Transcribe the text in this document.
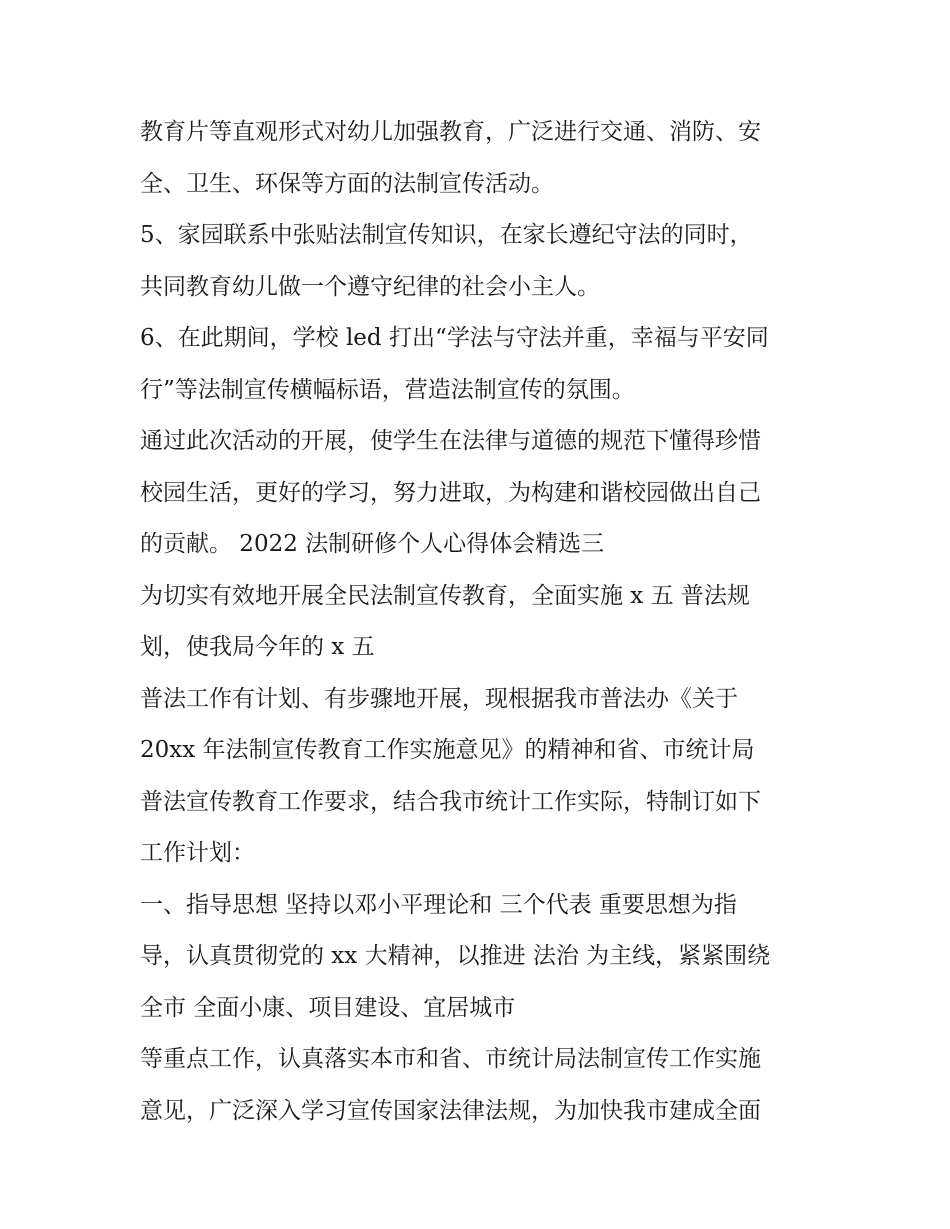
教育片等直观形式对幼儿加强教育，广泛进行交通、消防、安
全、卫生、环保等方面的法制宣传活动。
5、家园联系中张贴法制宣传知识，在家长遵纪守法的同时，
共同教育幼儿做一个遵守纪律的社会小主人。
6、在此期间，学校 led 打出“学法与守法并重，幸福与平安同
行”等法制宣传横幅标语，营造法制宣传的氛围。
通过此次活动的开展，使学生在法律与道德的规范下懂得珍惜
校园生活，更好的学习，努力进取，为构建和谐校园做出自己
的贡献。 2022 法制研修个人心得体会精选三
为切实有效地开展全民法制宣传教育，全面实施 x 五 普法规
划，使我局今年的 x 五
普法工作有计划、有步骤地开展，现根据我市普法办《关于
20xx 年法制宣传教育工作实施意见》的精神和省、市统计局
普法宣传教育工作要求，结合我市统计工作实际，特制订如下
工作计划：
一、指导思想 坚持以邓小平理论和 三个代表 重要思想为指
导，认真贯彻党的 xx 大精神，以推进 法治 为主线，紧紧围绕
全市 全面小康、项目建设、宜居城市
等重点工作，认真落实本市和省、市统计局法制宣传工作实施
意见，广泛深入学习宣传国家法律法规，为加快我市建成全面
